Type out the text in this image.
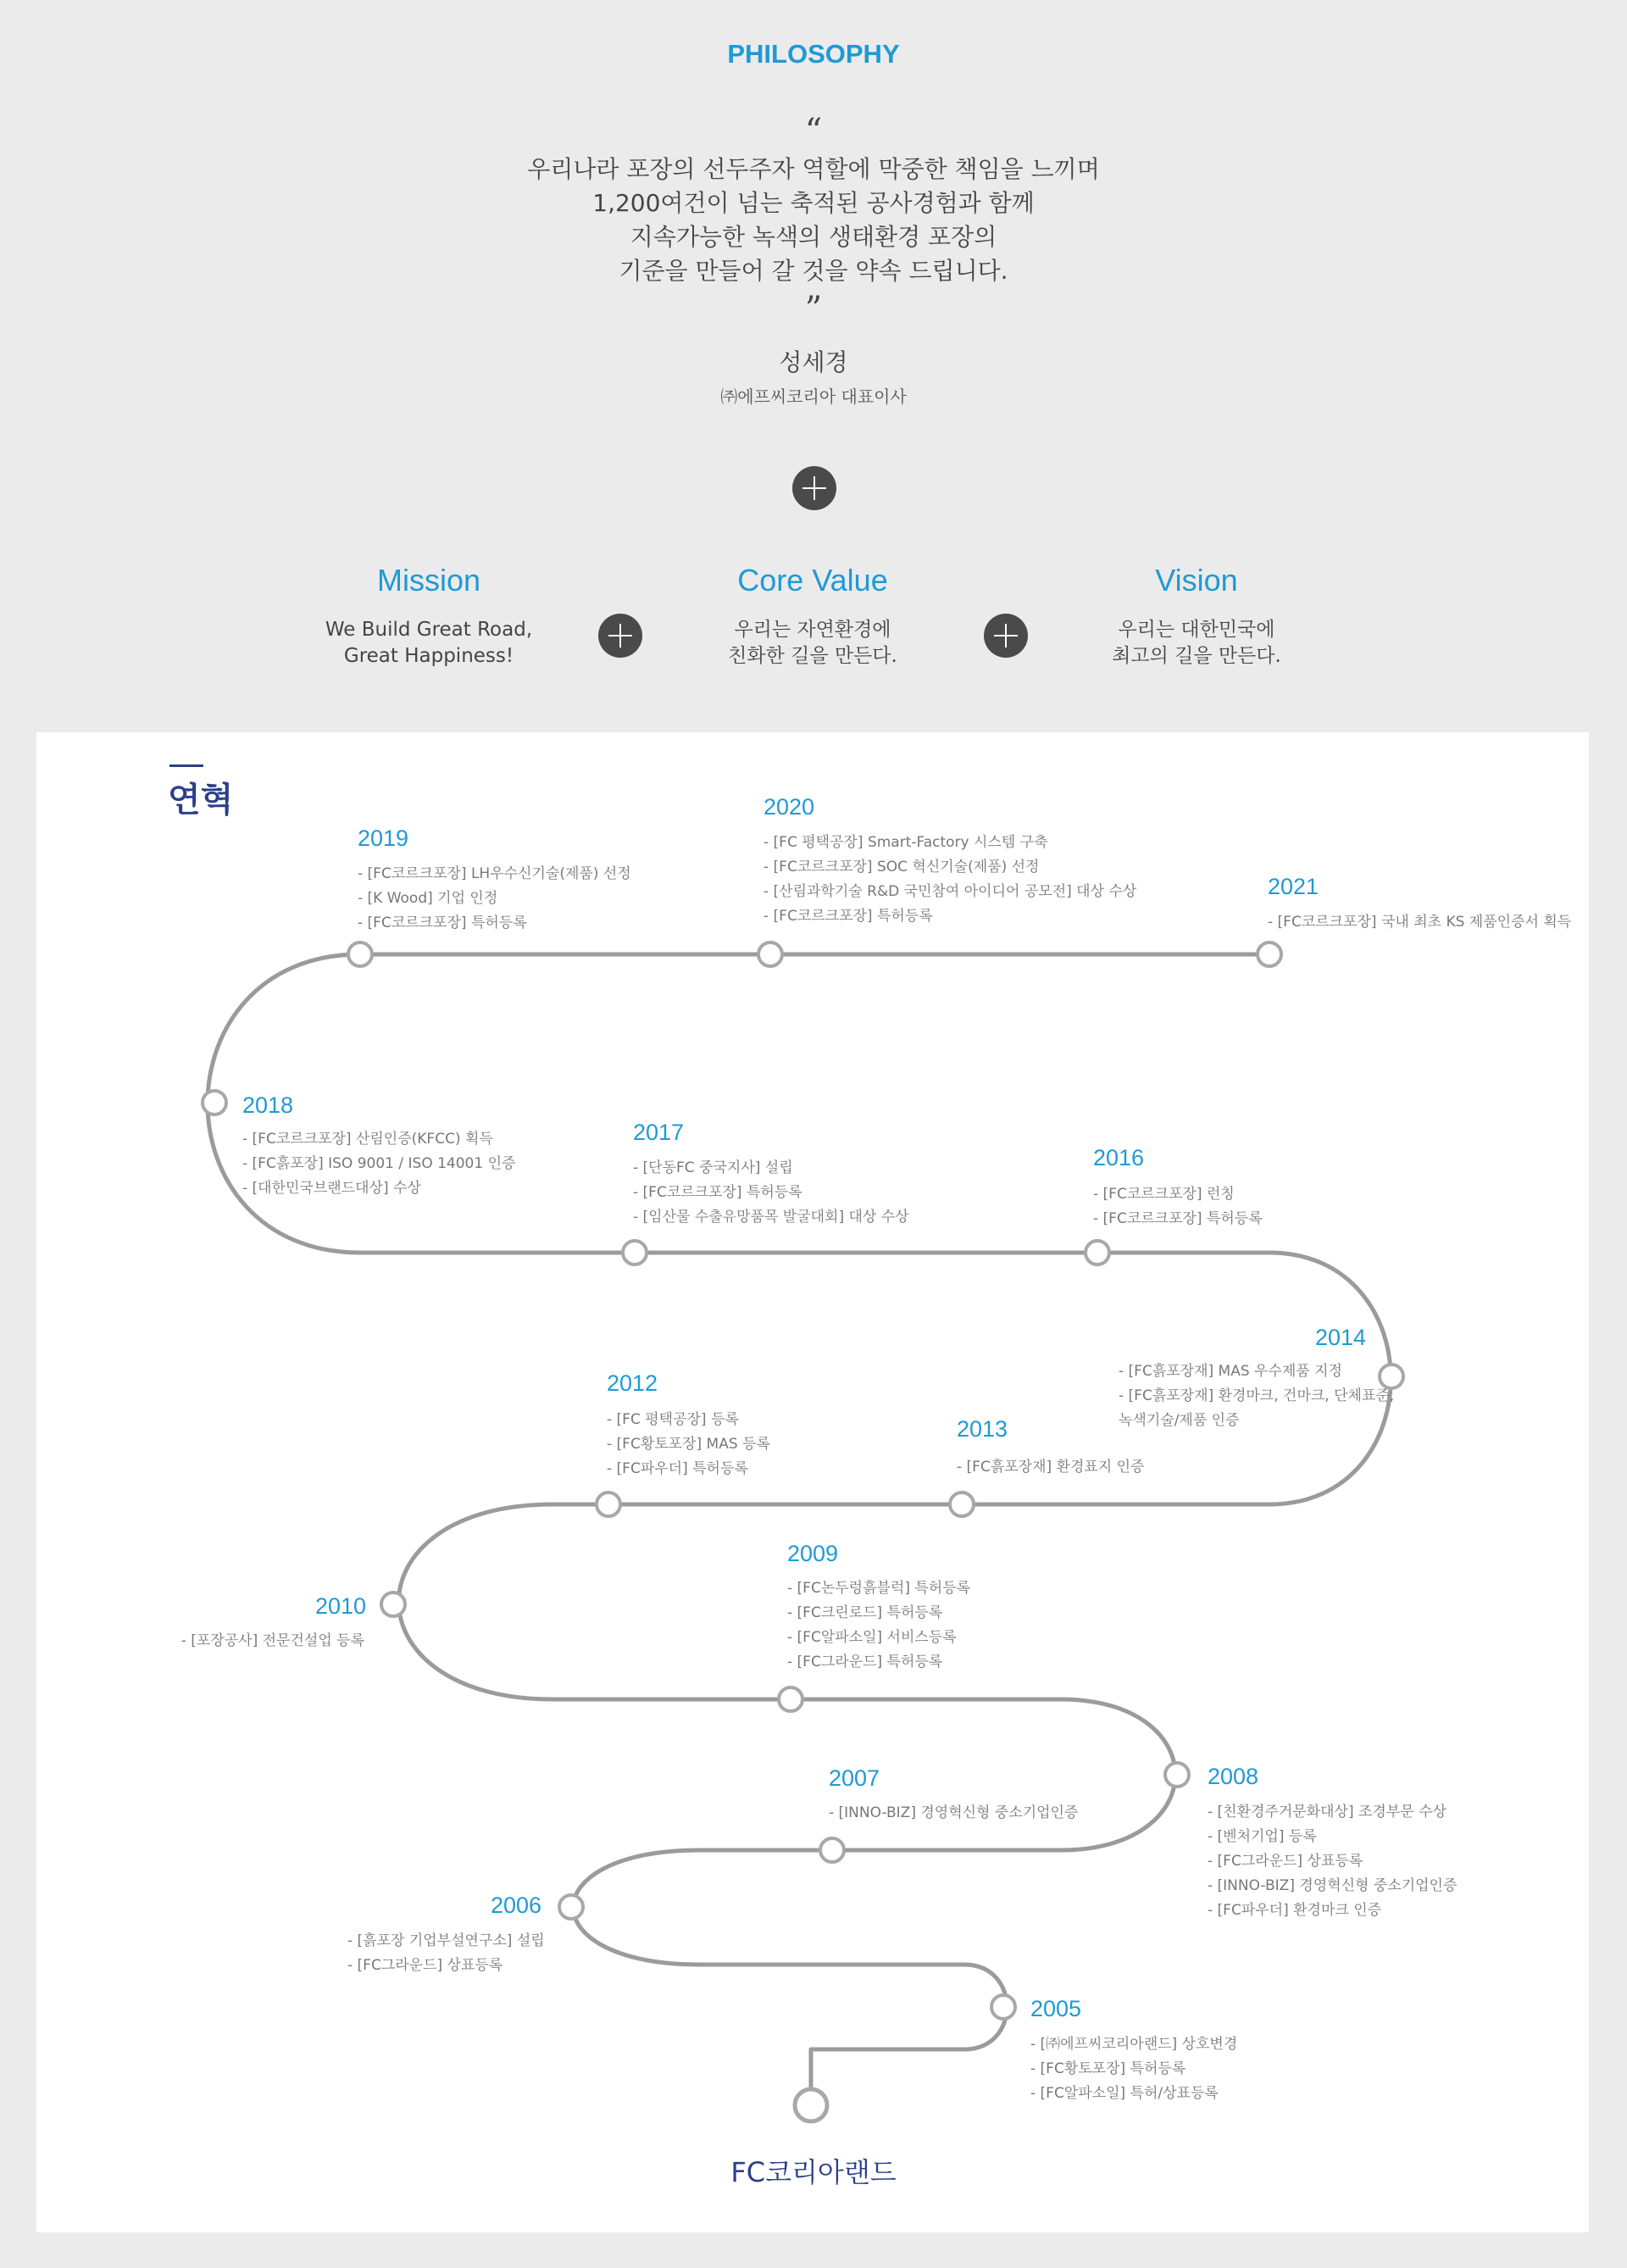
PHILOSOPHY
“
우리나라 포장의 선두주자 역할에 막중한 책임을 느끼며
1,200여건이 넘는 축적된 공사경험과 함께
지속가능한 녹색의 생태환경 포장의
기준을 만들어 갈 것을 약속 드립니다.
”
성세경
㈜에프씨코리아 대표이사
Mission
We Build Great Road,
Great Happiness!
Core Value
우리는 자연환경에
친화한 길을 만든다.
Vision
우리는 대한민국에
최고의 길을 만든다.
연혁
2019
- [FC코르크포장] LH우수신기술(제품) 선정
- [K Wood] 기업 인정
- [FC코르크포장] 특허등록
2020
- [FC 평택공장] Smart-Factory 시스템 구축
- [FC코르크포장] SOC 혁신기술(제품) 선정
- [산림과학기술 R&D 국민참여 아이디어 공모전] 대상 수상
- [FC코르크포장] 특허등록
2021
- [FC코르크포장] 국내 최초 KS 제품인증서 획득
2018
- [FC코르크포장] 산림인증(KFCC) 획득
- [FC흙포장] ISO 9001 / ISO 14001 인증
- [대한민국브랜드대상] 수상
2017
- [단동FC 중국지사] 설립
- [FC코르크포장] 특허등록
- [임산물 수출유망품목 발굴대회] 대상 수상
2016
- [FC코르크포장] 런칭
- [FC코르크포장] 특허등록
2014
- [FC흙포장재] MAS 우수제품 지정
- [FC흙포장재] 환경마크, 건마크, 단체표준,
녹색기술/제품 인증
2012
- [FC 평택공장] 등록
- [FC황토포장] MAS 등록
- [FC파우더] 특허등록
2013
- [FC흙포장재] 환경표지 인증
2010
- [포장공사] 전문건설업 등록
2009
- [FC논두렁흙블럭] 특허등록
- [FC크린로드] 특허등록
- [FC알파소일] 서비스등록
- [FC그라운드] 특허등록
2007
- [INNO-BIZ] 경영혁신형 중소기업인증
2008
- [친환경주거문화대상] 조경부문 수상
- [벤처기업] 등록
- [FC그라운드] 상표등록
- [INNO-BIZ] 경영혁신형 중소기업인증
- [FC파우더] 환경마크 인증
2006
- [흙포장 기업부설연구소] 설립
- [FC그라운드] 상표등록
2005
- [㈜에프씨코리아랜드] 상호변경
- [FC황토포장] 특허등록
- [FC알파소일] 특허/상표등록
FC코리아랜드
